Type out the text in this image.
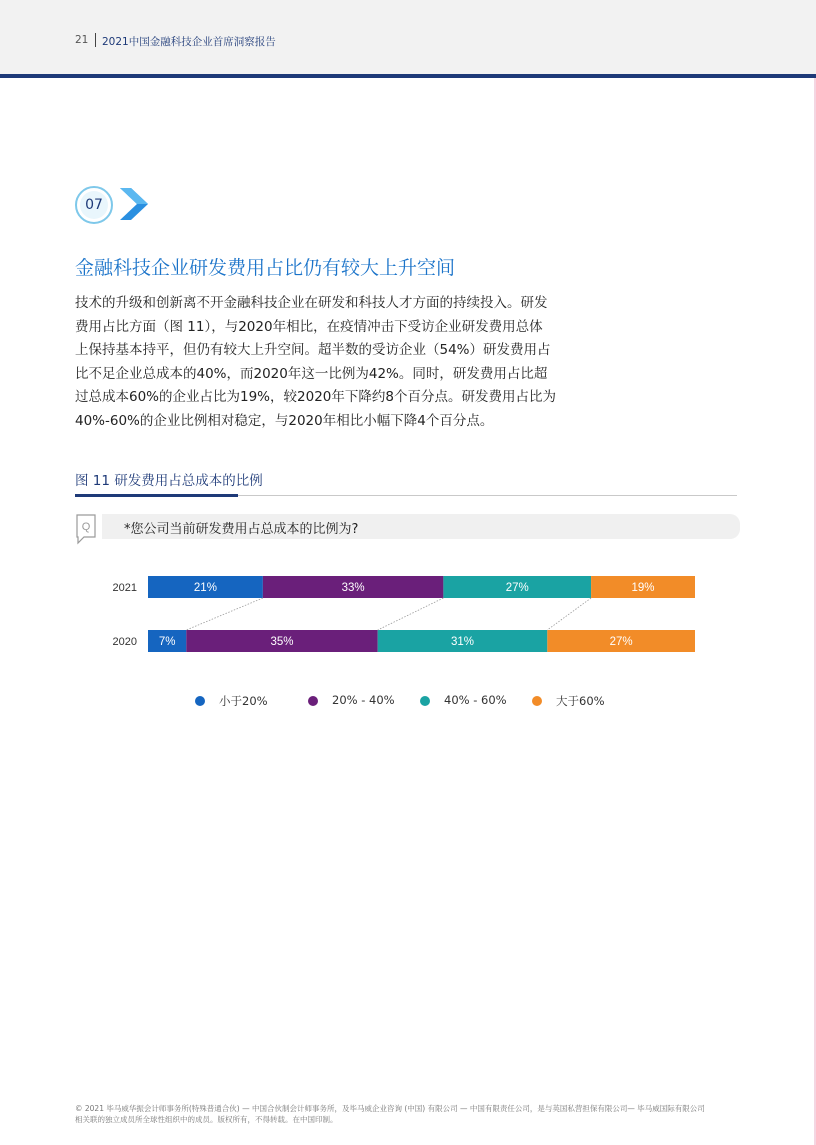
21 2021中国金融科技企业首席洞察报告
07
金融科技企业研发费用占比仍有较大上升空间
技术的升级和创新离不开金融科技企业在研发和科技人才方面的持续投入。研发
费用占比方面（图 11），与2020年相比，在疫情冲击下受访企业研发费用总体
上保持基本持平，但仍有较大上升空间。超半数的受访企业（54%）研发费用占
比不足企业总成本的40%，而2020年这一比例为42%。同时，研发费用占比超
过总成本60%的企业占比为19%，较2020年下降约8个百分点。研发费用占比为
40%-60%的企业比例相对稳定，与2020年相比小幅下降4个百分点。
图 11 研发费用占总成本的比例
Q	*您公司当前研发费用占总成本的比例为?
2021	21%	33%	27%	19%
2020 7%	35%	31%	27%
小于20%	20% - 40%	40% - 60%	大于60%
© 2021 毕马威华振会计师事务所(特殊普通合伙) — 中国合伙制会计师事务所，及毕马威企业咨询 (中国) 有限公司 — 中国有限责任公司，是与英国私营担保有限公司— 毕马威国际有限公司
相关联的独立成员所全球性组织中的成员。版权所有，不得转载。在中国印制。
